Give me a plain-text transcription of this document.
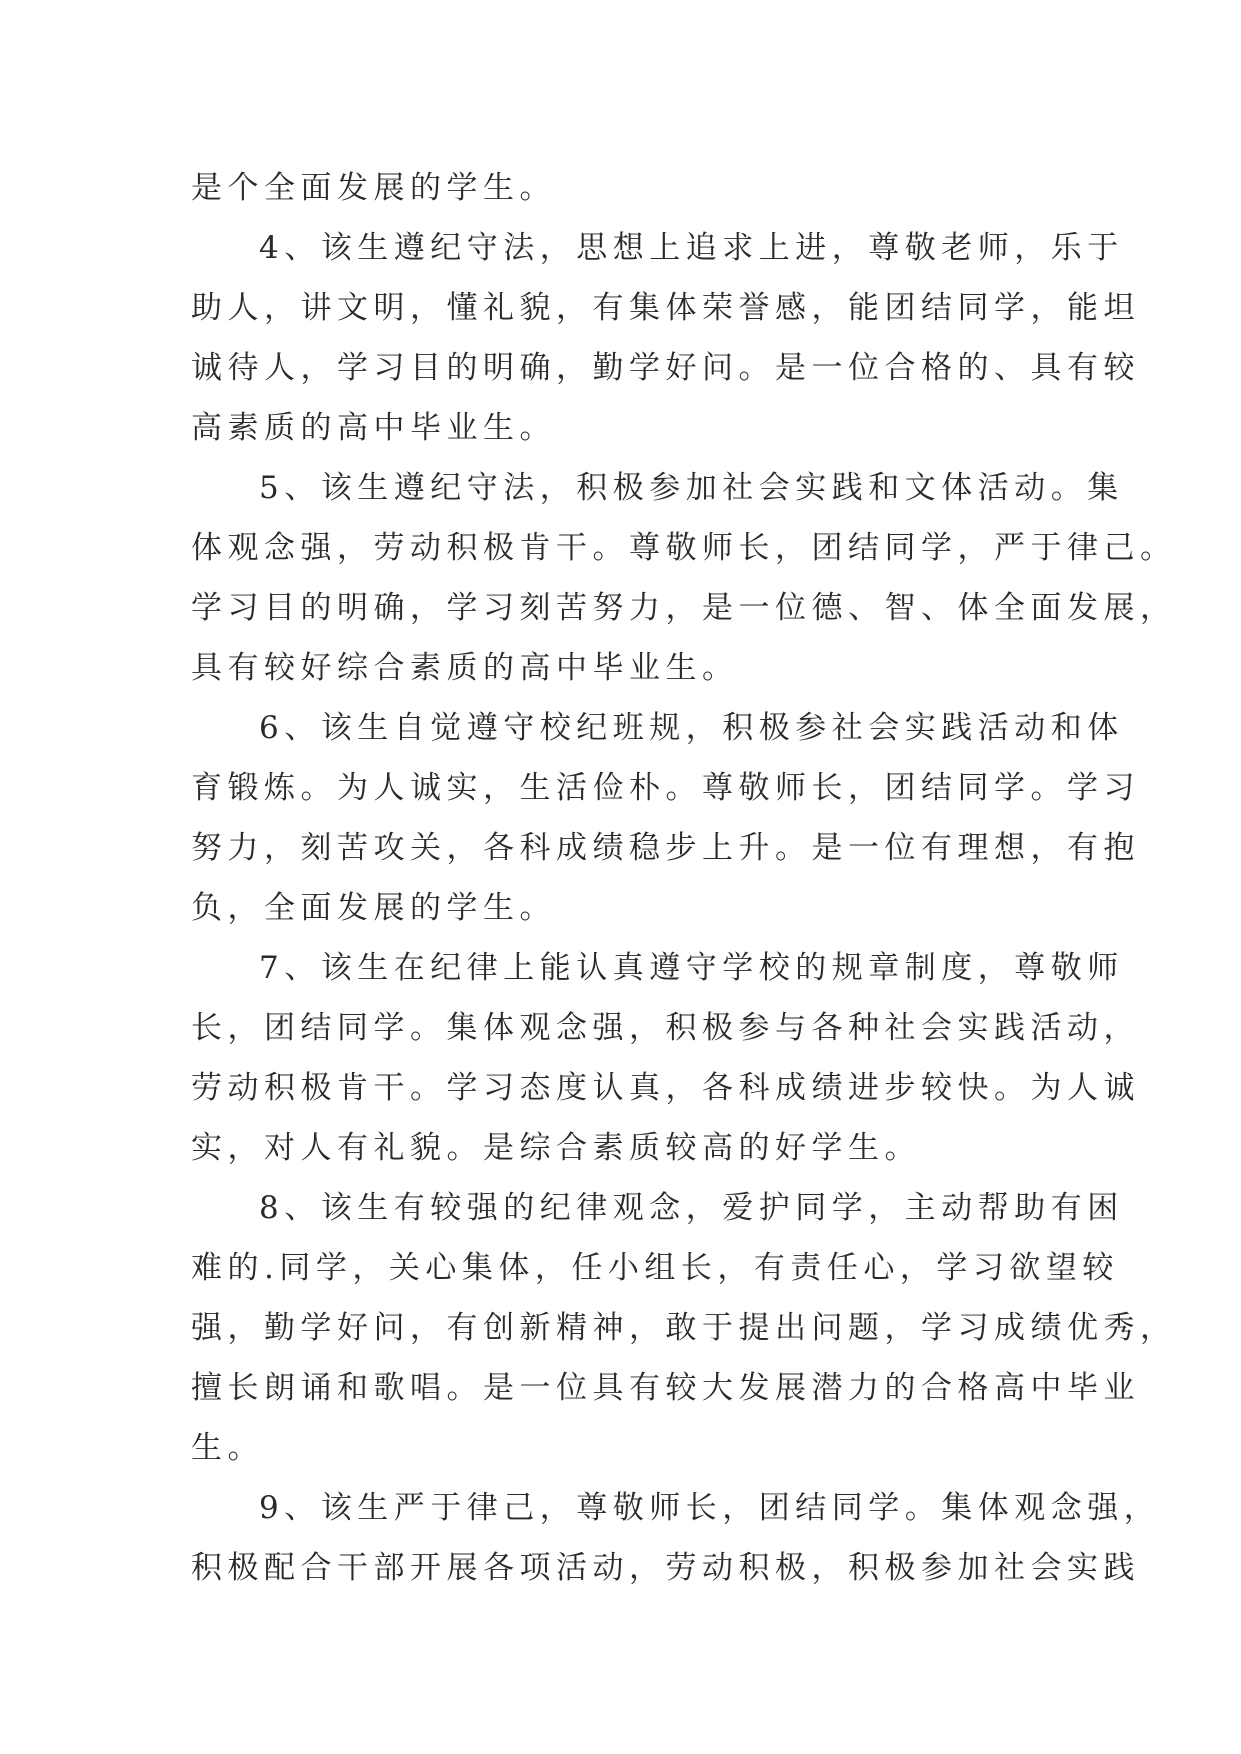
是个全面发展的学生。
4、该生遵纪守法，思想上追求上进，尊敬老师，乐于
助人，讲文明，懂礼貌，有集体荣誉感，能团结同学，能坦
诚待人，学习目的明确，勤学好问。是一位合格的、具有较
高素质的高中毕业生。
5、该生遵纪守法，积极参加社会实践和文体活动。集
体观念强，劳动积极肯干。尊敬师长，团结同学，严于律己。
学习目的明确，学习刻苦努力，是一位德、智、体全面发展，
具有较好综合素质的高中毕业生。
6、该生自觉遵守校纪班规，积极参社会实践活动和体
育锻炼。为人诚实，生活俭朴。尊敬师长，团结同学。学习
努力，刻苦攻关，各科成绩稳步上升。是一位有理想，有抱
负，全面发展的学生。
7、该生在纪律上能认真遵守学校的规章制度，尊敬师
长，团结同学。集体观念强，积极参与各种社会实践活动，
劳动积极肯干。学习态度认真，各科成绩进步较快。为人诚
实，对人有礼貌。是综合素质较高的好学生。
8、该生有较强的纪律观念，爱护同学，主动帮助有困
难的.同学，关心集体，任小组长，有责任心，学习欲望较
强，勤学好问，有创新精神，敢于提出问题，学习成绩优秀，
擅长朗诵和歌唱。是一位具有较大发展潜力的合格高中毕业
生。
9、该生严于律己，尊敬师长，团结同学。集体观念强，
积极配合干部开展各项活动，劳动积极，积极参加社会实践
